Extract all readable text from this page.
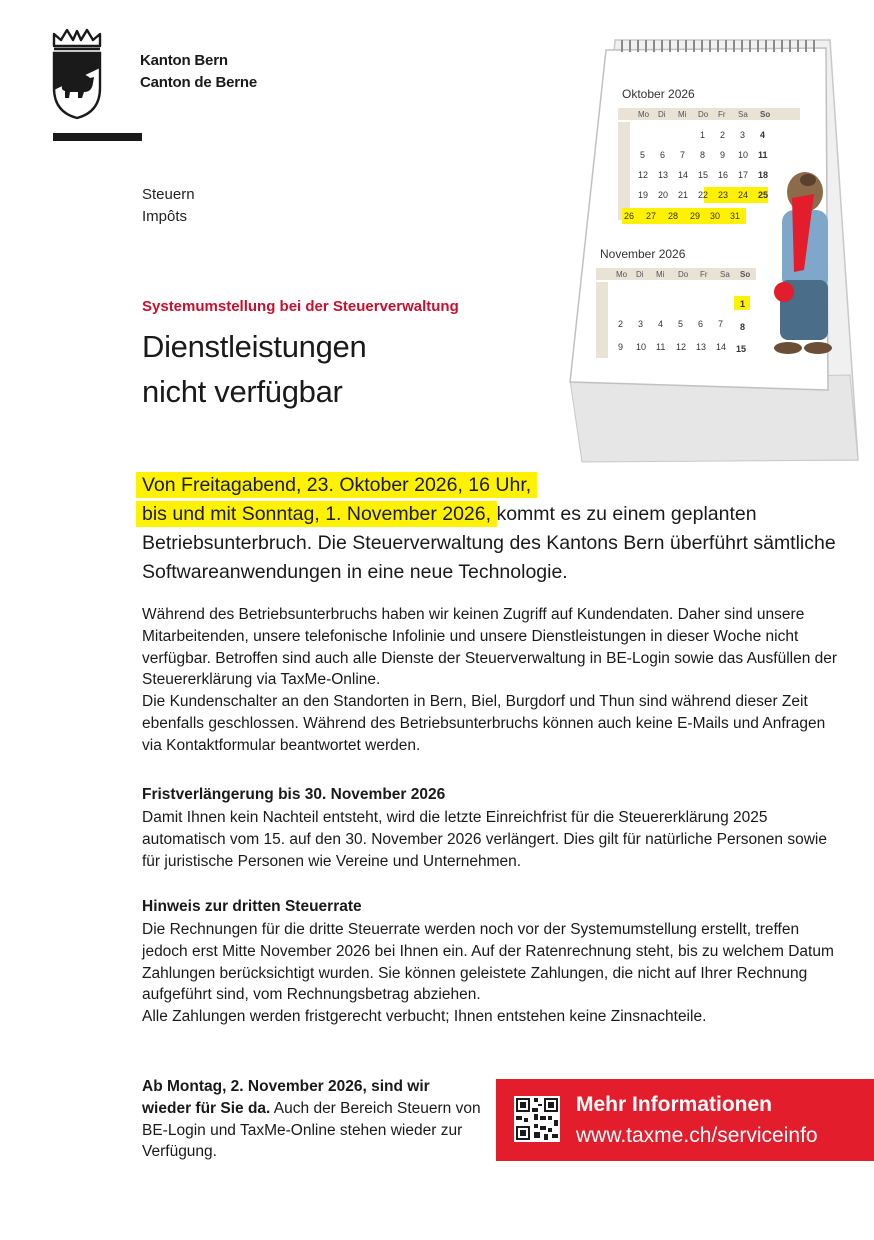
Kanton Bern
Canton de Berne
Steuern
Impôts
Oktober 2026
Mo Di Mi Do Fr Sa So
1 2 3 4
5 6 7 8 9 10 11
12 13 14 15 16 17 18
19 20 21 22 23 24 25
26 27 28 29 30 31
November 2026
Mo Di Mi Do Fr Sa So
1
2 3 4 5 6 7 8
9 10 11 12 13 14 15
Systemumstellung bei der Steuerverwaltung
Dienstleistungen
nicht verfügbar
Von Freitagabend, 23. Oktober 2026, 16 Uhr,
bis und mit Sonntag, 1. November 2026, kommt es zu einem geplanten Betriebsunterbruch. Die Steuerverwaltung des Kantons Bern überführt sämtliche Softwareanwendungen in eine neue Technologie.
Während des Betriebsunterbruchs haben wir keinen Zugriff auf Kundendaten. Daher sind unsere Mitarbeitenden, unsere telefonische Infolinie und unsere Dienstleistungen in dieser Woche nicht verfügbar. Betroffen sind auch alle Dienste der Steuerverwaltung in BE-Login sowie das Ausfüllen der Steuererklärung via TaxMe-Online.
Die Kundenschalter an den Standorten in Bern, Biel, Burgdorf und Thun sind während dieser Zeit ebenfalls geschlossen. Während des Betriebsunterbruchs können auch keine E-Mails und Anfragen via Kontaktformular beantwortet werden.
Fristverlängerung bis 30. November 2026
Damit Ihnen kein Nachteil entsteht, wird die letzte Einreichfrist für die Steuererklärung 2025 automatisch vom 15. auf den 30. November 2026 verlängert. Dies gilt für natürliche Personen sowie für juristische Personen wie Vereine und Unternehmen.
Hinweis zur dritten Steuerrate
Die Rechnungen für die dritte Steuerrate werden noch vor der Systemumstellung erstellt, treffen jedoch erst Mitte November 2026 bei Ihnen ein. Auf der Ratenrechnung steht, bis zu welchem Datum Zahlungen berücksichtigt wurden. Sie können geleistete Zahlungen, die nicht auf Ihrer Rechnung aufgeführt sind, vom Rechnungsbetrag abziehen.
Alle Zahlungen werden fristgerecht verbucht; Ihnen entstehen keine Zinsnachteile.
Ab Montag, 2. November 2026, sind wir wieder für Sie da. Auch der Bereich Steuern von BE-Login und TaxMe-Online stehen wieder zur Verfügung.
Mehr Informationen
www.taxme.ch/serviceinfo
